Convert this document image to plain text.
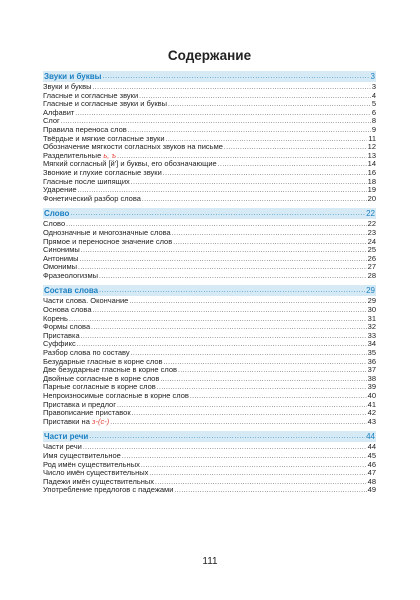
Содержание
Звуки и буквы .....	3
Звуки и буквы .....	3
Гласные и согласные звуки .....	4
Гласные и согласные звуки и буквы .....	5
Алфавит .....	6
Слог .....	8
Правила переноса слов .....	9
Твёрдые и мягкие согласные звуки .....	11
Обозначение мягкости согласных звуков на письме .....	12
Разделительные ь, ъ .....	13
Мягкий согласный [й'] и буквы, его обозначающие .....	14
Звонкие и глухие согласные звуки .....	16
Гласные после шипящих .....	18
Ударение .....	19
Фонетический разбор слова .....	20
Слово .....	22
Слово .....	22
Однозначные и многозначные слова .....	23
Прямое и переносное значение слов .....	24
Синонимы .....	25
Антонимы .....	26
Омонимы .....	27
Фразеологизмы .....	28
Состав слова .....	29
Части слова. Окончание .....	29
Основа слова .....	30
Корень .....	31
Формы слова .....	32
Приставка .....	33
Суффикс .....	34
Разбор слова по составу .....	35
Безударные гласные в корне слов .....	36
Две безударные гласные в корне слов .....	37
Двойные согласные в корне слов .....	38
Парные согласные в корне слов .....	39
Непроизносимые согласные в корне слов .....	40
Приставка и предлог .....	41
Правописание приставок .....	42
Приставки на з-(с-) .....	43
Части речи .....	44
Части речи .....	44
Имя существительное .....	45
Род имён существительных .....	46
Число имён существительных .....	47
Падежи имён существительных .....	48
Употребление предлогов с падежами .....	49
111
